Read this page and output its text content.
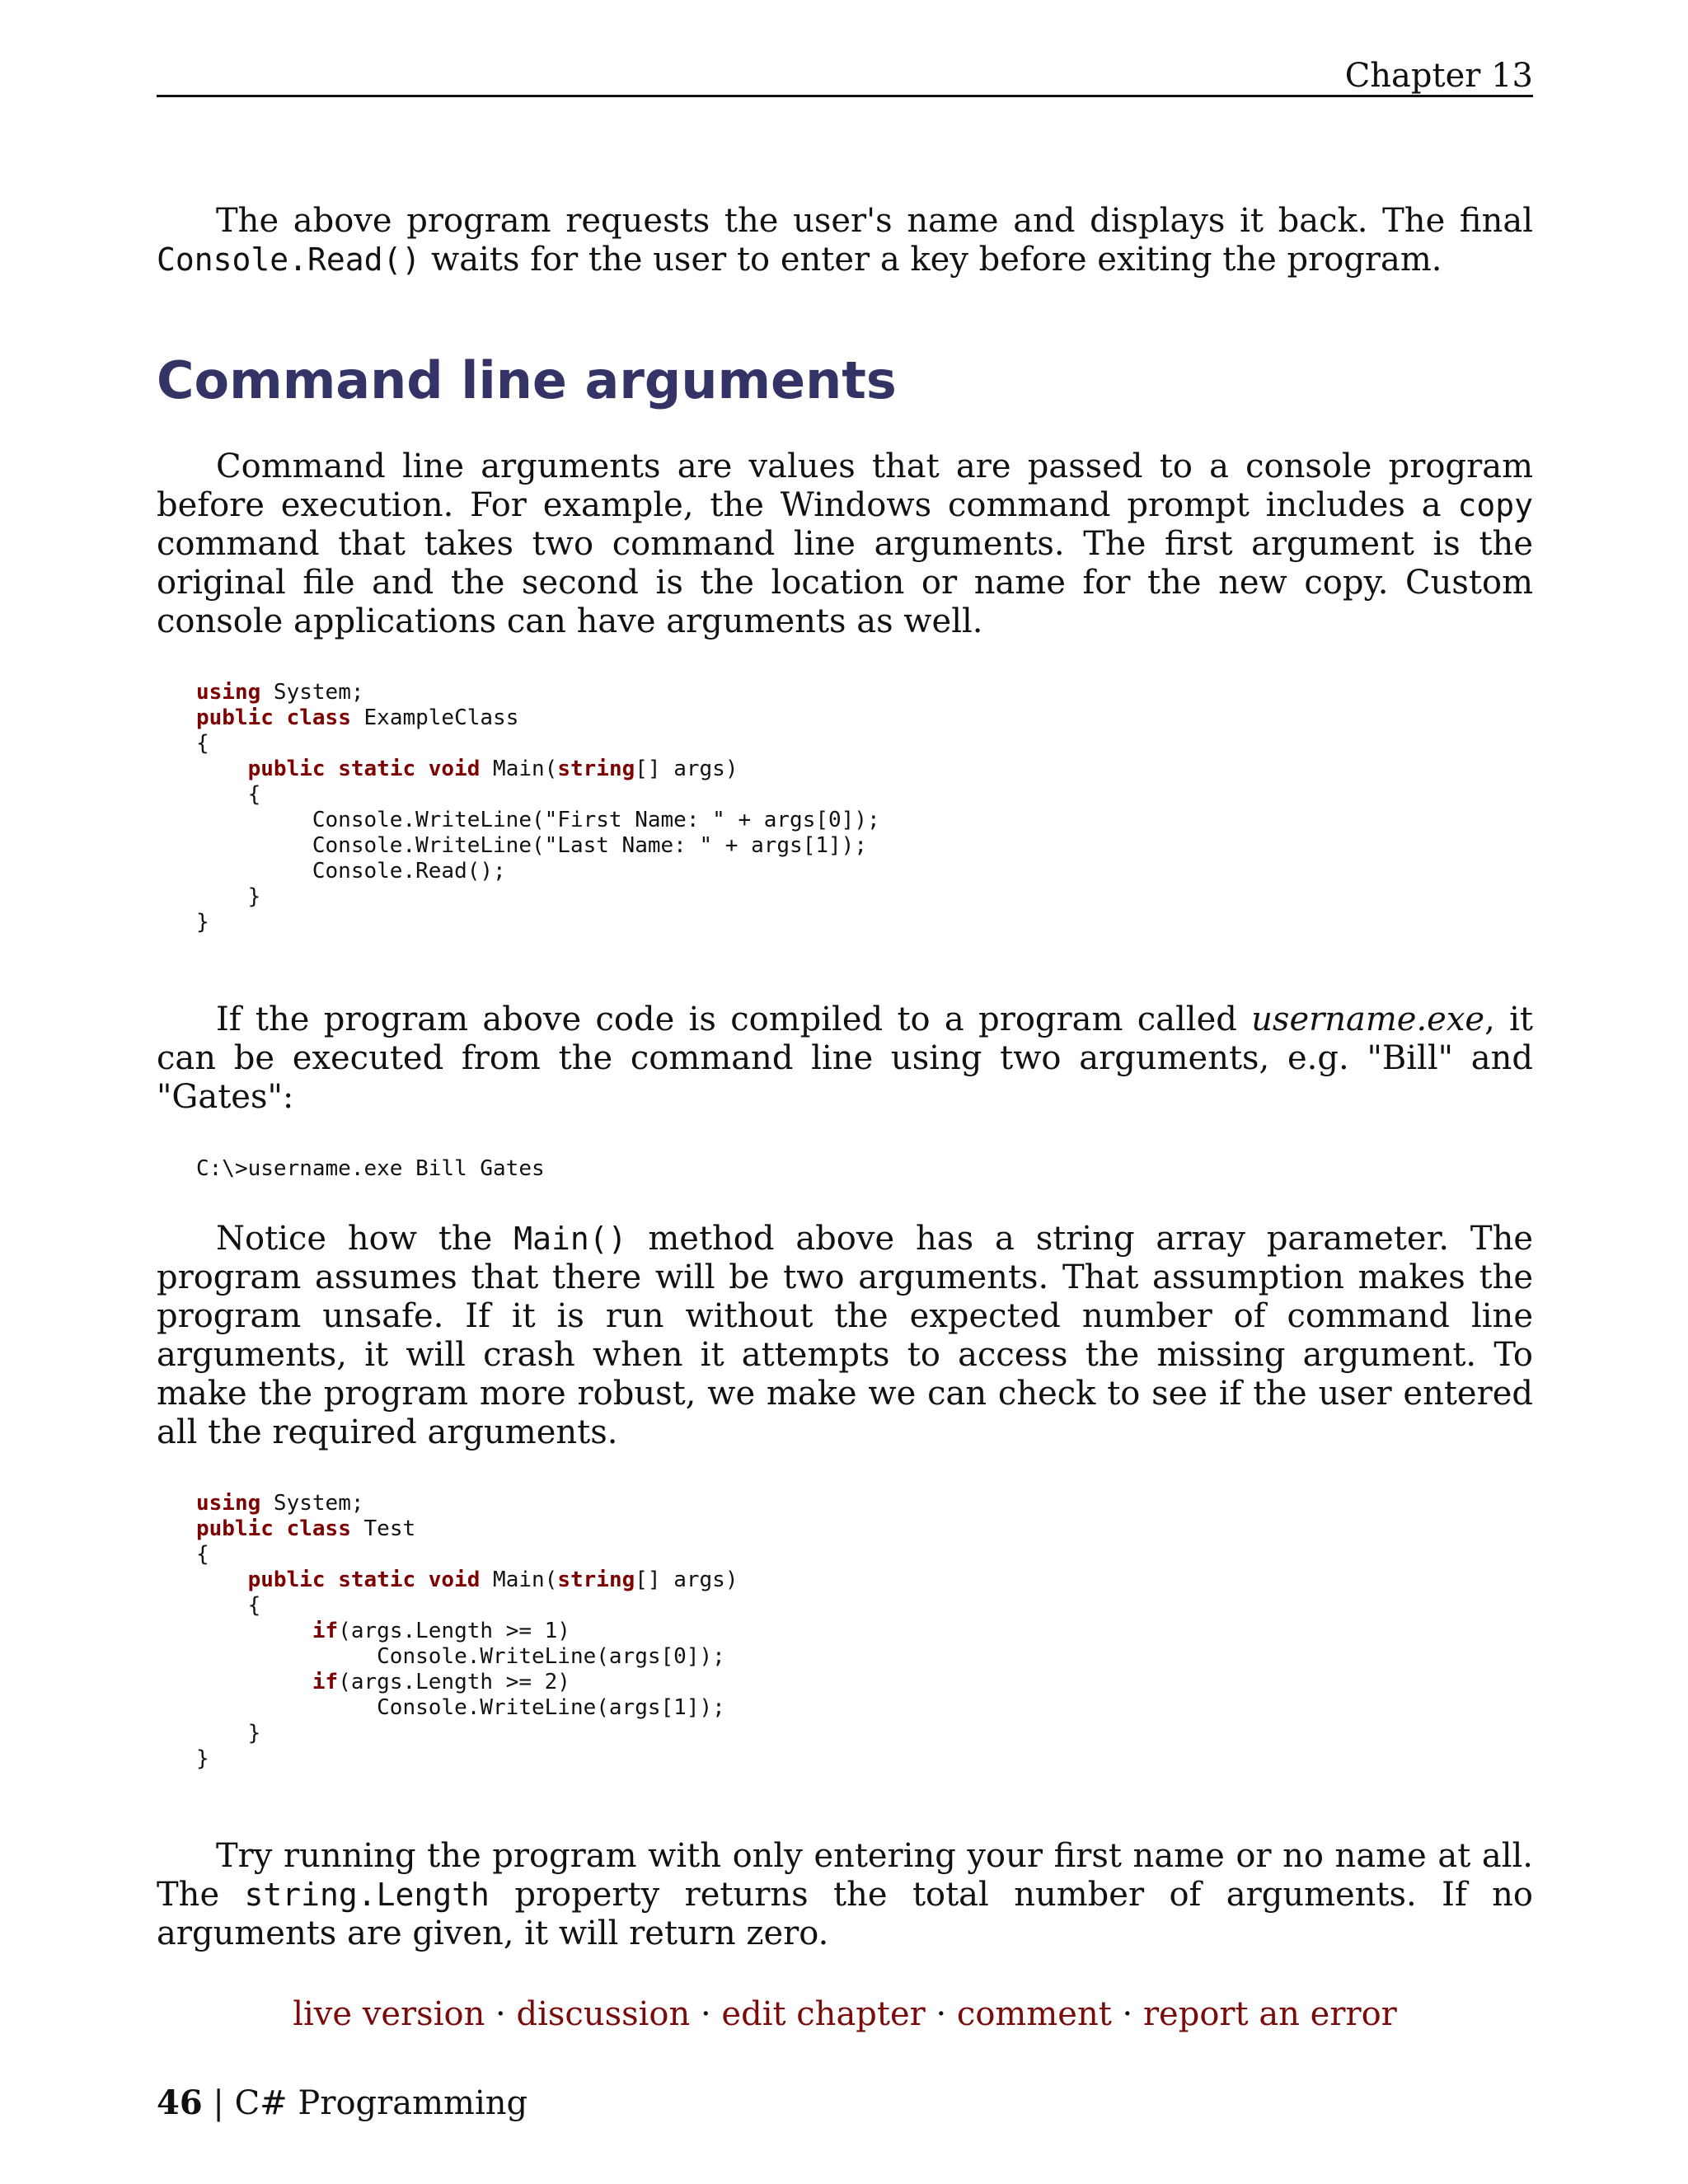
Chapter 13

The above program requests the user's name and displays it back. The final Console.Read() waits for the user to enter a key before exiting the program.

Command line arguments

Command line arguments are values that are passed to a console program before execution. For example, the Windows command prompt includes a copy command that takes two command line arguments. The first argument is the original file and the second is the location or name for the new copy. Custom console applications can have arguments as well.

using System;
public class ExampleClass
{
public static void Main(string[] args)
{
Console.WriteLine("First Name: " + args[0]);
Console.WriteLine("Last Name: " + args[1]);
Console.Read();
}
}

If the program above code is compiled to a program called username.exe, it can be executed from the command line using two arguments, e.g. "Bill" and "Gates":

C:\>username.exe Bill Gates

Notice how the Main() method above has a string array parameter. The program assumes that there will be two arguments. That assumption makes the program unsafe. If it is run without the expected number of command line arguments, it will crash when it attempts to access the missing argument. To make the program more robust, we make we can check to see if the user entered all the required arguments.

using System;
public class Test
{
public static void Main(string[] args)
{
if(args.Length >= 1)
Console.WriteLine(args[0]);
if(args.Length >= 2)
Console.WriteLine(args[1]);
}
}

Try running the program with only entering your first name or no name at all. The string.Length property returns the total number of arguments. If no arguments are given, it will return zero.

live version · discussion · edit chapter · comment · report an error
46 | C# Programming
